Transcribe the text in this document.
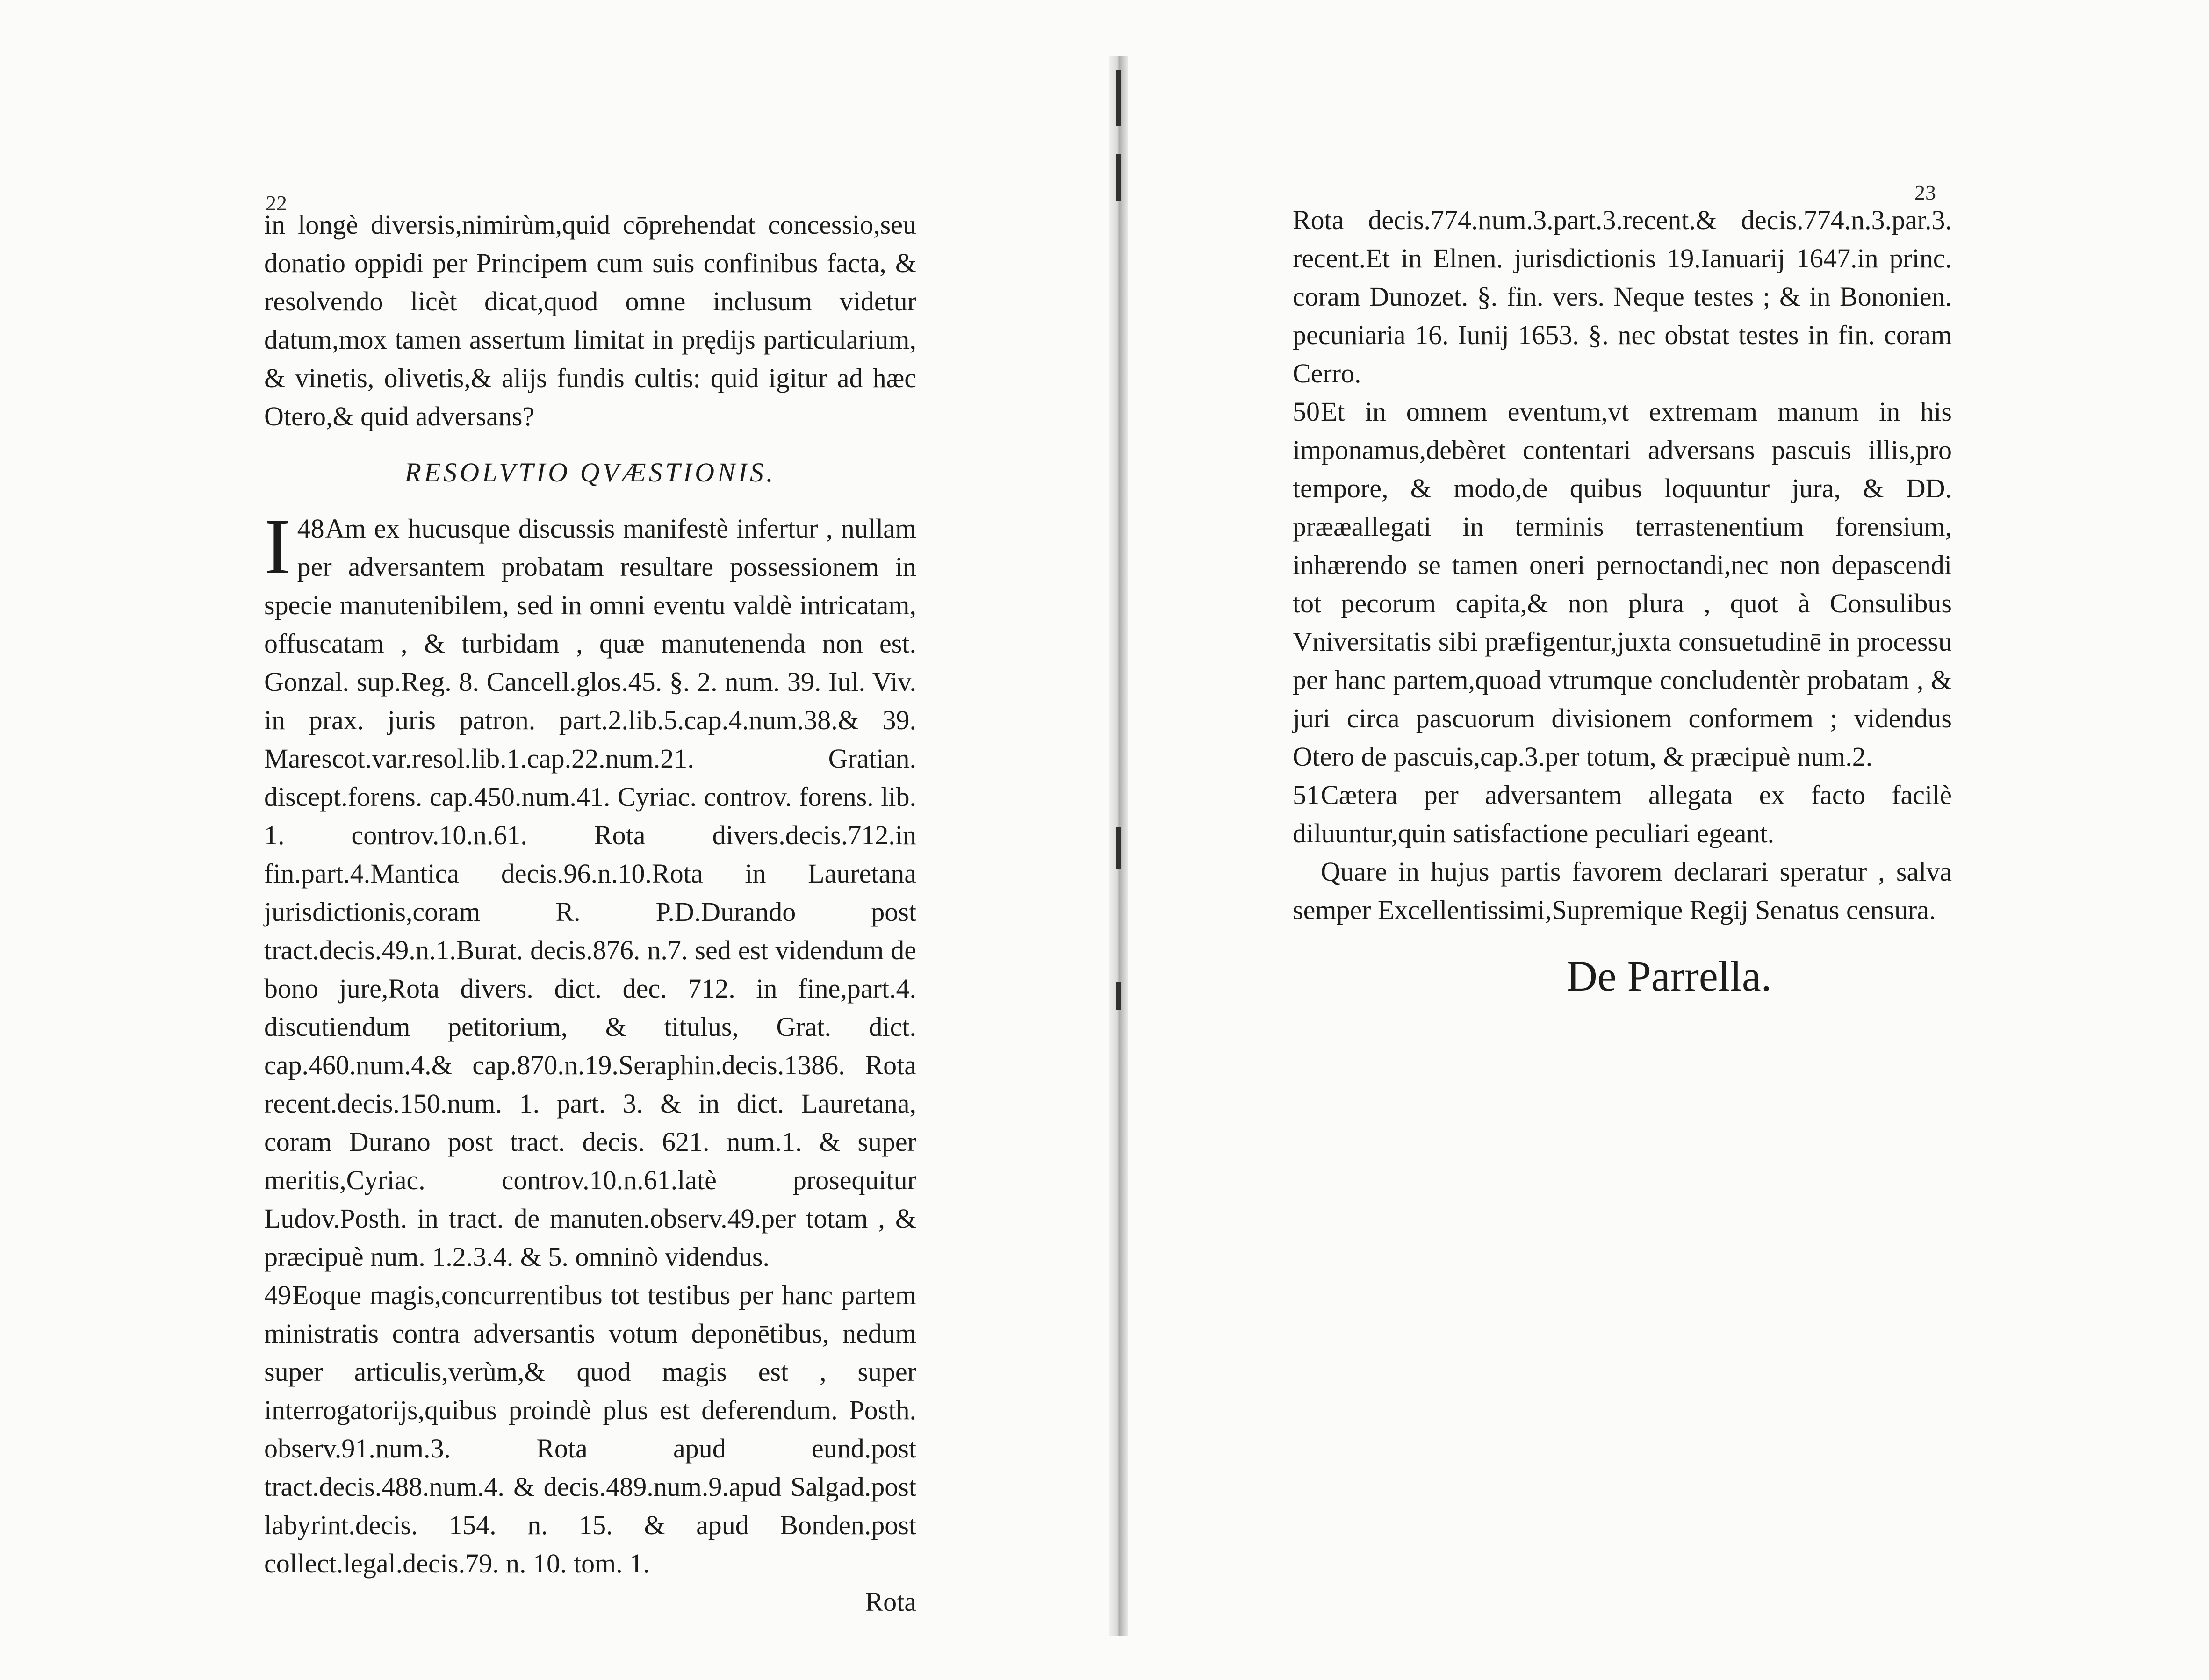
22

in longè diversis,nimirùm,quid cōprehendat concessio,seu donatio oppidi per Principem cum suis confinibus facta, & resolvendo licèt dicat,quod omne inclusum videtur datum,mox tamen assertum limitat in prędijs particularium, & vinetis, olivetis,& alijs fundis cultis: quid igitur ad hæc Otero,& quid adversans?

RESOLVTIO QVÆSTIONIS.

48
I Am ex hucusque discussis manifestè infertur , nullam per adversantem probatam resultare possessionem in specie manutenibilem, sed in omni eventu valdè intricatam, offuscatam , & turbidam , quæ manutenenda non est. Gonzal. sup.Reg. 8. Cancell.glos.45. §. 2. num. 39. Iul. Viv. in prax. juris patron. part.2.lib.5.cap.4.num.38.& 39. Marescot.var.resol.lib.1.cap.22.num.21. Gratian. discept.forens. cap.450.num.41. Cyriac. controv. forens. lib. 1. controv.10.n.61. Rota divers.decis.712.in fin.part.4.Mantica decis.96.n.10.Rota in Lauretana jurisdictionis,coram R. P.D.Durando post tract.decis.49.n.1.Burat. decis.876. n.7. sed est videndum de bono jure,Rota divers. dict. dec. 712. in fine,part.4. discutiendum petitorium, & titulus, Grat. dict. cap.460.num.4.& cap.870.n.19.Seraphin.decis.1386. Rota recent.decis.150.num. 1. part. 3. & in dict. Lauretana, coram Durano post tract. decis. 621. num.1. & super meritis,Cyriac. controv.10.n.61.latè prosequitur Ludov.Posth. in tract. de manuten.observ.49.per totam , & præcipuè num. 1.2.3.4. & 5. omninò videndus.

49Eoque magis,concurrentibus tot testibus per hanc partem ministratis contra adversantis votum deponētibus, nedum super articulis,verùm,& quod magis est , super interrogatorijs,quibus proindè plus est deferendum. Posth. observ.91.num.3. Rota apud eund.post tract.decis.488.num.4. & decis.489.num.9.apud Salgad.post labyrint.decis. 154. n. 15. & apud Bonden.post collect.legal.decis.79. n. 10. tom. 1.

Rota

23

Rota decis.774.num.3.part.3.recent.& decis.774.n.3.par.3. recent.Et in Elnen. jurisdictionis 19.Ianuarij 1647.in princ. coram Dunozet. §. fin. vers. Neque testes ; & in Bononien. pecuniaria 16. Iunij 1653. §. nec obstat testes in fin. coram Cerro.

50Et in omnem eventum,vt extremam manum in his imponamus,debèret contentari adversans pascuis illis,pro tempore, & modo,de quibus loquuntur jura, & DD. prææallegati in terminis terrastenentium forensium, inhærendo se tamen oneri pernoctandi,nec non depascendi tot pecorum capita,& non plura , quot à Consulibus Vniversitatis sibi præfigentur,juxta consuetudinē in processu per hanc partem,quoad vtrumque concludentèr probatam , & juri circa pascuorum divisionem conformem ; videndus Otero de pascuis,cap.3.per totum, & præcipuè num.2.

51Cætera per adversantem allegata ex facto facilè diluuntur,quin satisfactione peculiari egeant.

Quare in hujus partis favorem declarari speratur , salva semper Excellentissimi,Supremique Regij Senatus censura.

De Parrella.
